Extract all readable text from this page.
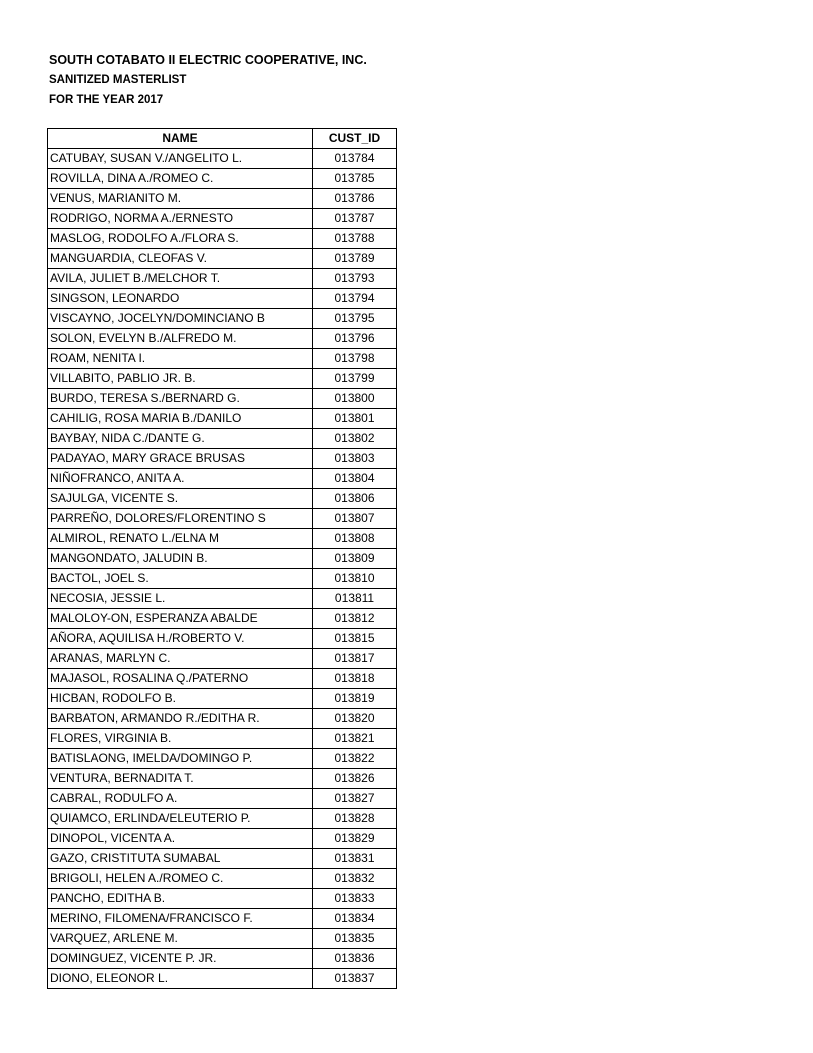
SOUTH COTABATO II ELECTRIC COOPERATIVE, INC.
SANITIZED MASTERLIST
FOR THE YEAR 2017
NAME	CUST_ID
CATUBAY, SUSAN V./ANGELITO L.	013784
ROVILLA, DINA A./ROMEO C.	013785
VENUS, MARIANITO M.	013786
RODRIGO, NORMA A./ERNESTO	013787
MASLOG, RODOLFO A./FLORA S.	013788
MANGUARDIA, CLEOFAS V.	013789
AVILA, JULIET B./MELCHOR T.	013793
SINGSON, LEONARDO	013794
VISCAYNO, JOCELYN/DOMINCIANO B	013795
SOLON, EVELYN B./ALFREDO M.	013796
ROAM, NENITA I.	013798
VILLABITO, PABLIO JR. B.	013799
BURDO, TERESA S./BERNARD G.	013800
CAHILIG, ROSA MARIA B./DANILO	013801
BAYBAY, NIDA C./DANTE G.	013802
PADAYAO, MARY GRACE BRUSAS	013803
NIÑOFRANCO, ANITA A.	013804
SAJULGA, VICENTE S.	013806
PARREÑO, DOLORES/FLORENTINO S	013807
ALMIROL, RENATO L./ELNA M	013808
MANGONDATO, JALUDIN B.	013809
BACTOL, JOEL S.	013810
NECOSIA, JESSIE L.	013811
MALOLOY-ON, ESPERANZA ABALDE	013812
AÑORA, AQUILISA H./ROBERTO V.	013815
ARANAS, MARLYN C.	013817
MAJASOL, ROSALINA Q./PATERNO	013818
HICBAN, RODOLFO B.	013819
BARBATON, ARMANDO R./EDITHA R.	013820
FLORES, VIRGINIA B.	013821
BATISLAONG, IMELDA/DOMINGO P.	013822
VENTURA, BERNADITA T.	013826
CABRAL, RODULFO A.	013827
QUIAMCO, ERLINDA/ELEUTERIO P.	013828
DINOPOL, VICENTA A.	013829
GAZO, CRISTITUTA SUMABAL	013831
BRIGOLI, HELEN A./ROMEO C.	013832
PANCHO, EDITHA B.	013833
MERINO, FILOMENA/FRANCISCO F.	013834
VARQUEZ, ARLENE M.	013835
DOMINGUEZ, VICENTE P. JR.	013836
DIONO, ELEONOR L.	013837
